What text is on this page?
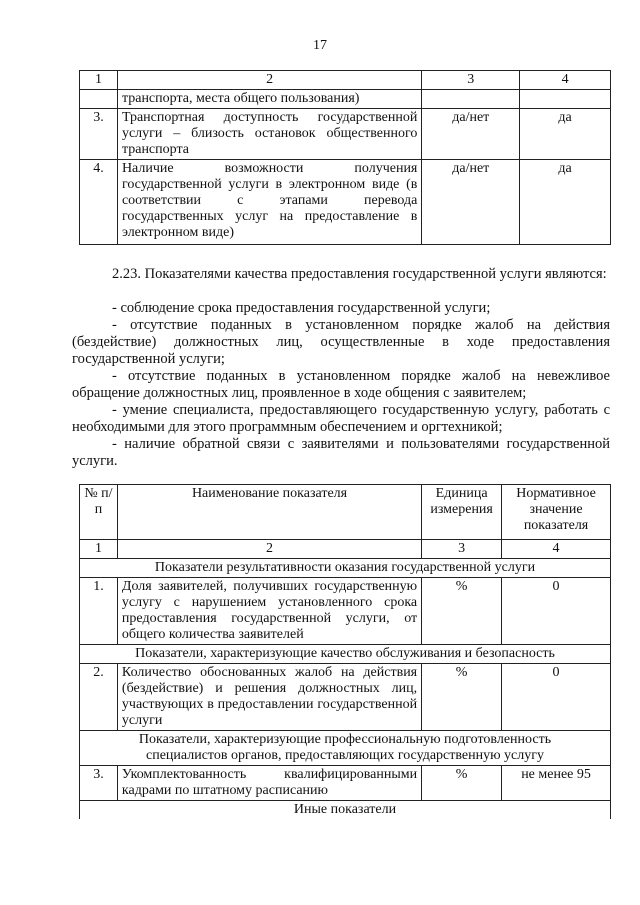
17
1	2	3	4
	транспорта, места общего пользования)		
3.	Транспортная доступность государственной услуги – близость остановок общественного транспорта	да/нет	да
4.	Наличие возможности получения государственной услуги в электронном виде (в соответствии с этапами перевода государственных услуг на предоставление в электронном виде)	да/нет	да
2.23. Показателями качества предоставления государственной услуги являются:
- соблюдение срока предоставления государственной услуги;
- отсутствие поданных в установленном порядке жалоб на действия (бездействие) должностных лиц, осуществленные в ходе предоставления государственной услуги;
- отсутствие поданных в установленном порядке жалоб на невежливое обращение должностных лиц, проявленное в ходе общения с заявителем;
- умение специалиста, предоставляющего государственную услугу, работать с необходимыми для этого программным обеспечением и оргтехникой;
- наличие обратной связи с заявителями и пользователями государственной услуги.
№ п/п	Наименование показателя	Единица измерения	Нормативное значение показателя
1	2	3	4
Показатели результативности оказания государственной услуги			
1.	Доля заявителей, получивших государственную услугу с нарушением установленного срока предоставления государственной услуги, от общего количества заявителей	%	0
Показатели, характеризующие качество обслуживания и безопасность			
2.	Количество обоснованных жалоб на действия (бездействие) и решения должностных лиц, участвующих в предоставлении государственной услуги	%	0
Показатели, характеризующие профессиональную подготовленность специалистов органов, предоставляющих государственную услугу			
3.	Укомплектованность квалифицированными кадрами по штатному расписанию	%	не менее 95
Иные показатели			
